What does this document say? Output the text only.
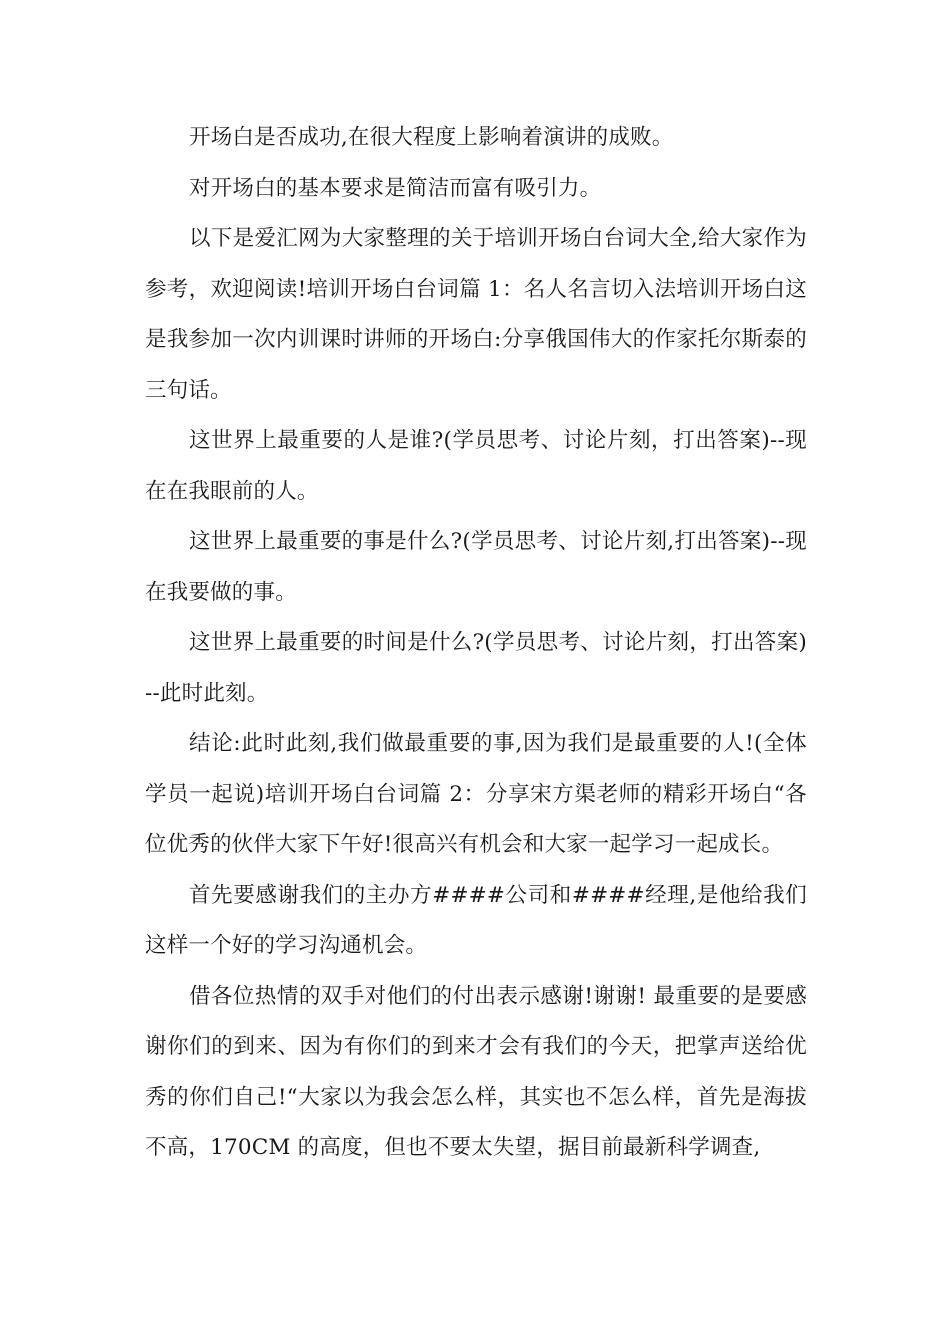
开场白是否成功,在很大程度上影响着演讲的成败。

对开场白的基本要求是简洁而富有吸引力。

以下是爱汇网为大家整理的关于培训开场白台词大全,给大家作为参考，欢迎阅读!培训开场白台词篇 1：名人名言切入法培训开场白这是我参加一次内训课时讲师的开场白:分享俄国伟大的作家托尔斯泰的三句话。

这世界上最重要的人是谁?(学员思考、讨论片刻，打出答案)--现在在我眼前的人。

这世界上最重要的事是什么?(学员思考、讨论片刻,打出答案)--现在我要做的事。

这世界上最重要的时间是什么?(学员思考、讨论片刻，打出答案)--此时此刻。

结论:此时此刻,我们做最重要的事,因为我们是最重要的人!(全体学员一起说)培训开场白台词篇 2：分享宋方渠老师的精彩开场白“各位优秀的伙伴大家下午好!很高兴有机会和大家一起学习一起成长。

首先要感谢我们的主办方####公司和####经理,是他给我们这样一个好的学习沟通机会。

借各位热情的双手对他们的付出表示感谢!谢谢! 最重要的是要感谢你们的到来、因为有你们的到来才会有我们的今天，把掌声送给优秀的你们自己!“大家以为我会怎么样，其实也不怎么样，首先是海拔不高，170CM 的高度，但也不要太失望，据目前最新科学调查,
